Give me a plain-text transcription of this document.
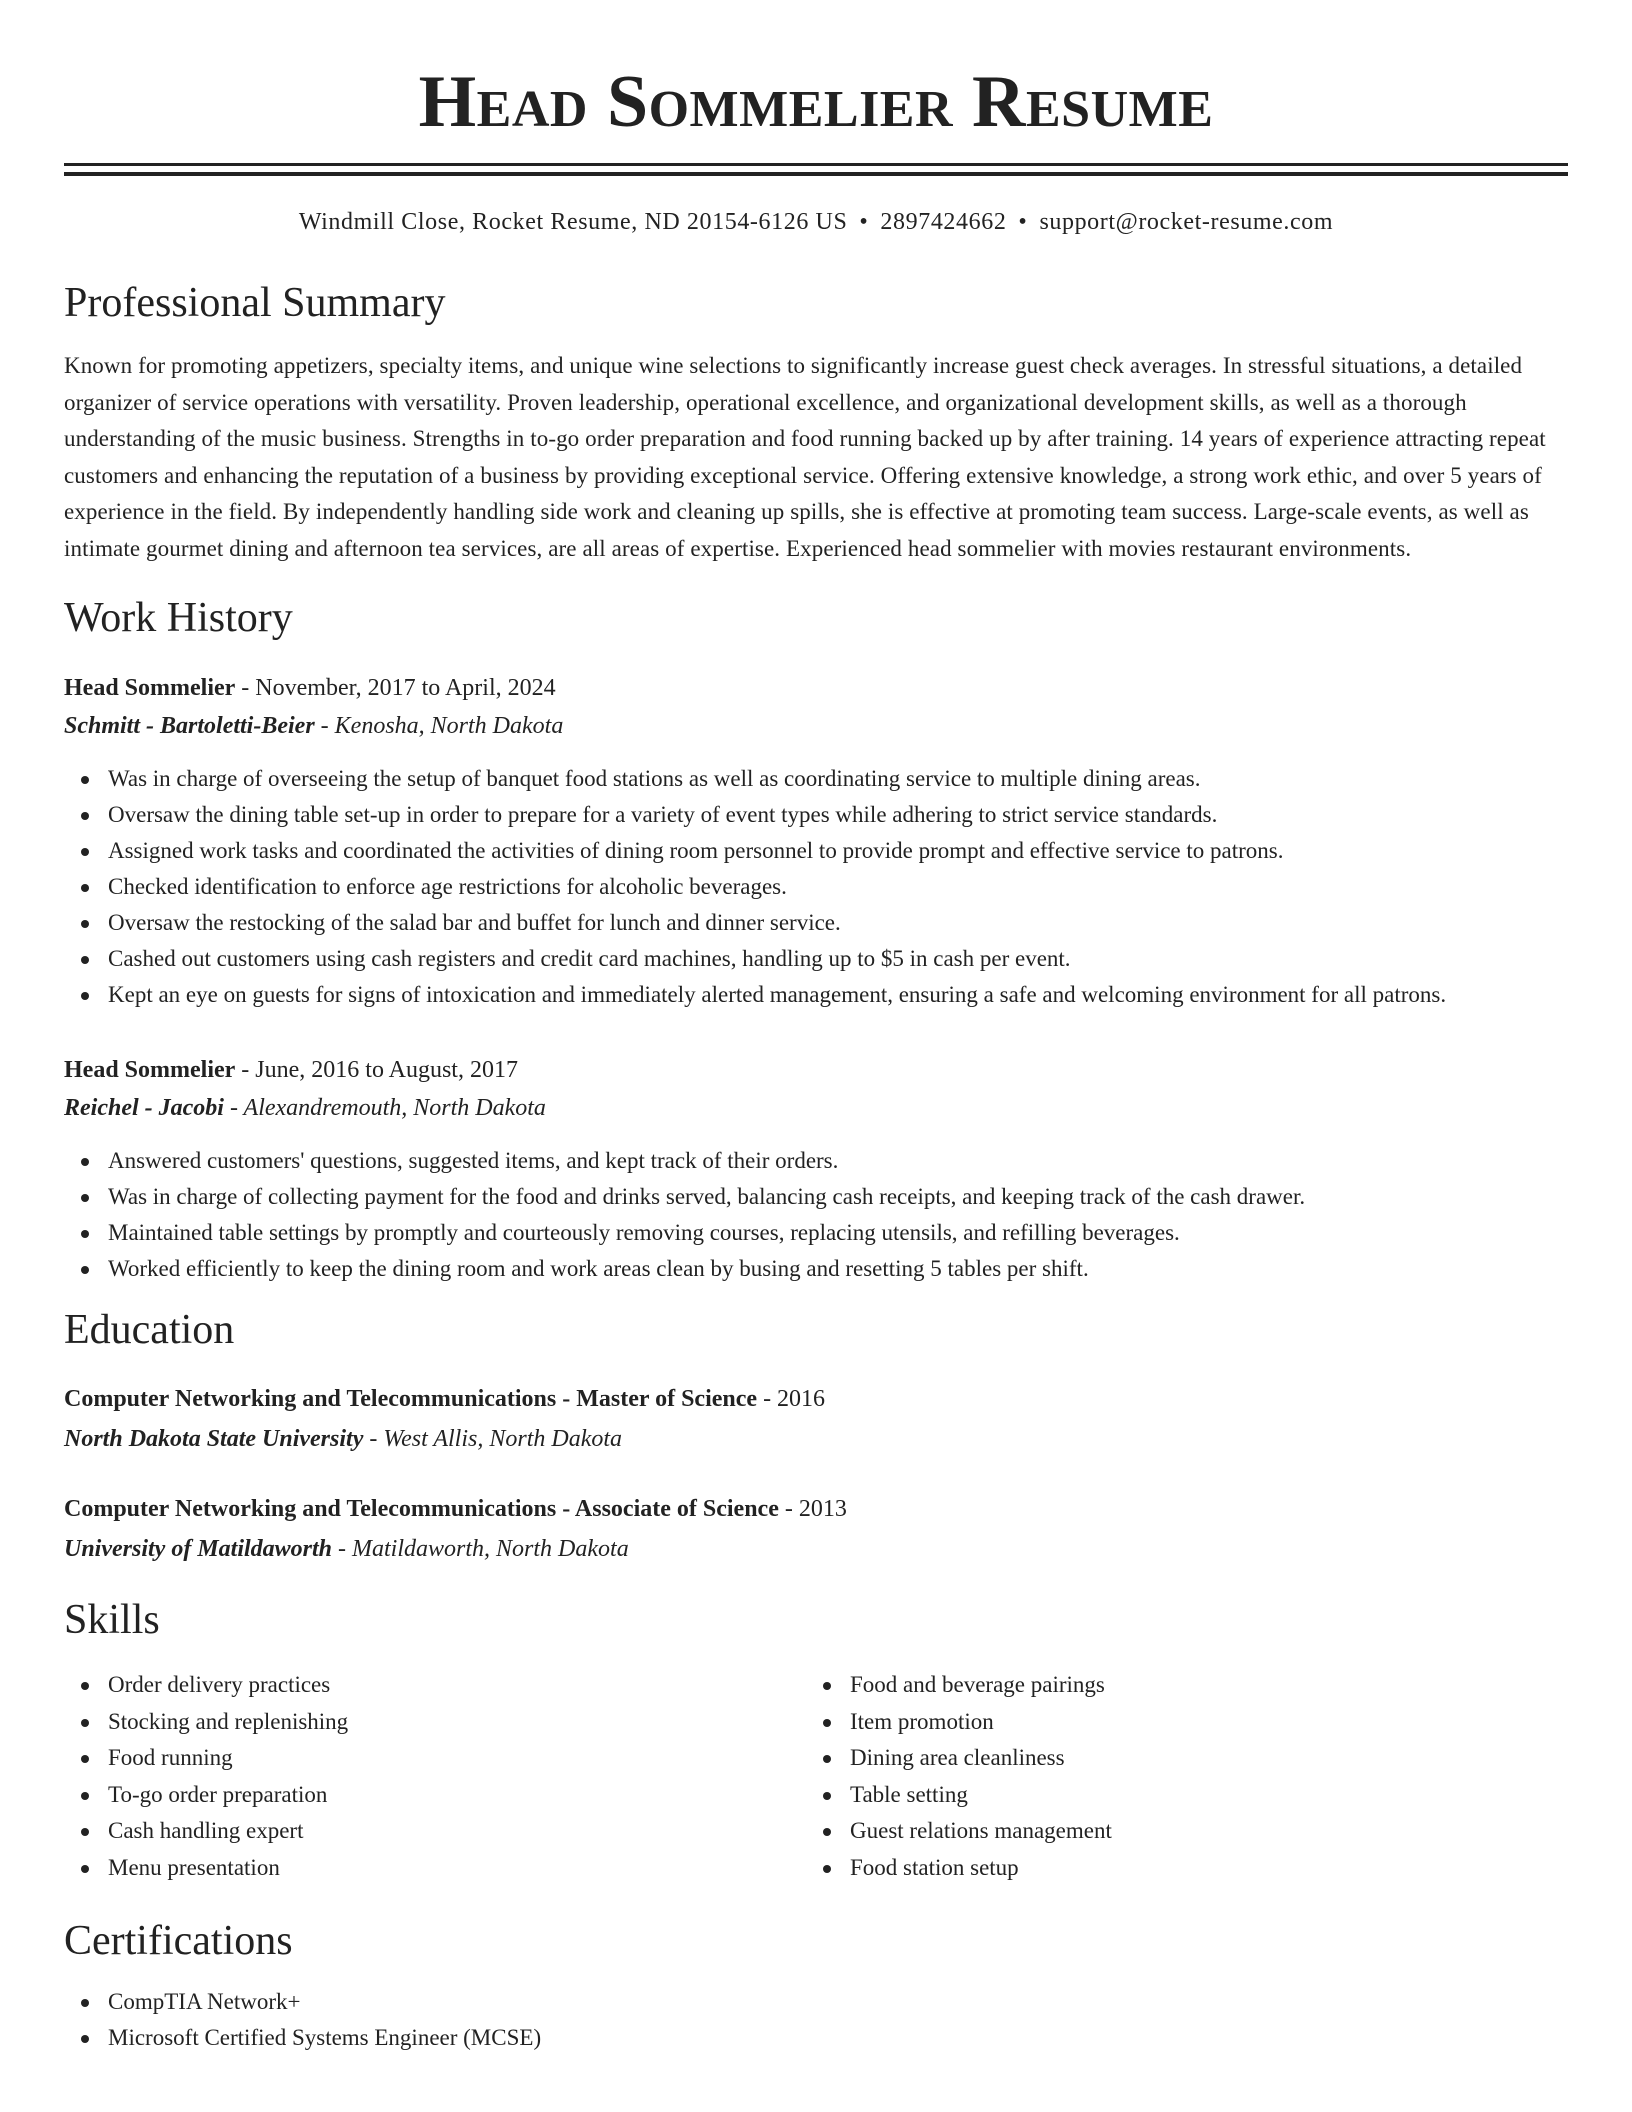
Head Sommelier Resume
Windmill Close, Rocket Resume, ND 20154-6126 US • 2897424662 • support@rocket-resume.com
Professional Summary

Known for promoting appetizers, specialty items, and unique wine selections to significantly increase guest check averages. In stressful situations, a detailed organizer of service operations with versatility. Proven leadership, operational excellence, and organizational development skills, as well as a thorough understanding of the music business. Strengths in to-go order preparation and food running backed up by after training. 14 years of experience attracting repeat customers and enhancing the reputation of a business by providing exceptional service. Offering extensive knowledge, a strong work ethic, and over 5 years of experience in the field. By independently handling side work and cleaning up spills, she is effective at promoting team success. Large-scale events, as well as intimate gourmet dining and afternoon tea services, are all areas of expertise. Experienced head sommelier with movies restaurant environments.

Work History
Head Sommelier - November, 2017 to April, 2024
Schmitt - Bartoletti-Beier - Kenosha, North Dakota
Was in charge of overseeing the setup of banquet food stations as well as coordinating service to multiple dining areas.
Oversaw the dining table set-up in order to prepare for a variety of event types while adhering to strict service standards.
Assigned work tasks and coordinated the activities of dining room personnel to provide prompt and effective service to patrons.
Checked identification to enforce age restrictions for alcoholic beverages.
Oversaw the restocking of the salad bar and buffet for lunch and dinner service.
Cashed out customers using cash registers and credit card machines, handling up to $5 in cash per event.
Kept an eye on guests for signs of intoxication and immediately alerted management, ensuring a safe and welcoming environment for all patrons.
Head Sommelier - June, 2016 to August, 2017
Reichel - Jacobi - Alexandremouth, North Dakota
Answered customers' questions, suggested items, and kept track of their orders.
Was in charge of collecting payment for the food and drinks served, balancing cash receipts, and keeping track of the cash drawer.
Maintained table settings by promptly and courteously removing courses, replacing utensils, and refilling beverages.
Worked efficiently to keep the dining room and work areas clean by busing and resetting 5 tables per shift.
Education
Computer Networking and Telecommunications - Master of Science - 2016
North Dakota State University - West Allis, North Dakota
Computer Networking and Telecommunications - Associate of Science - 2013
University of Matildaworth - Matildaworth, North Dakota
Skills
Order delivery practices
Stocking and replenishing
Food running
To-go order preparation
Cash handling expert
Menu presentation
Food and beverage pairings
Item promotion
Dining area cleanliness
Table setting
Guest relations management
Food station setup
Certifications
CompTIA Network+
Microsoft Certified Systems Engineer (MCSE)
